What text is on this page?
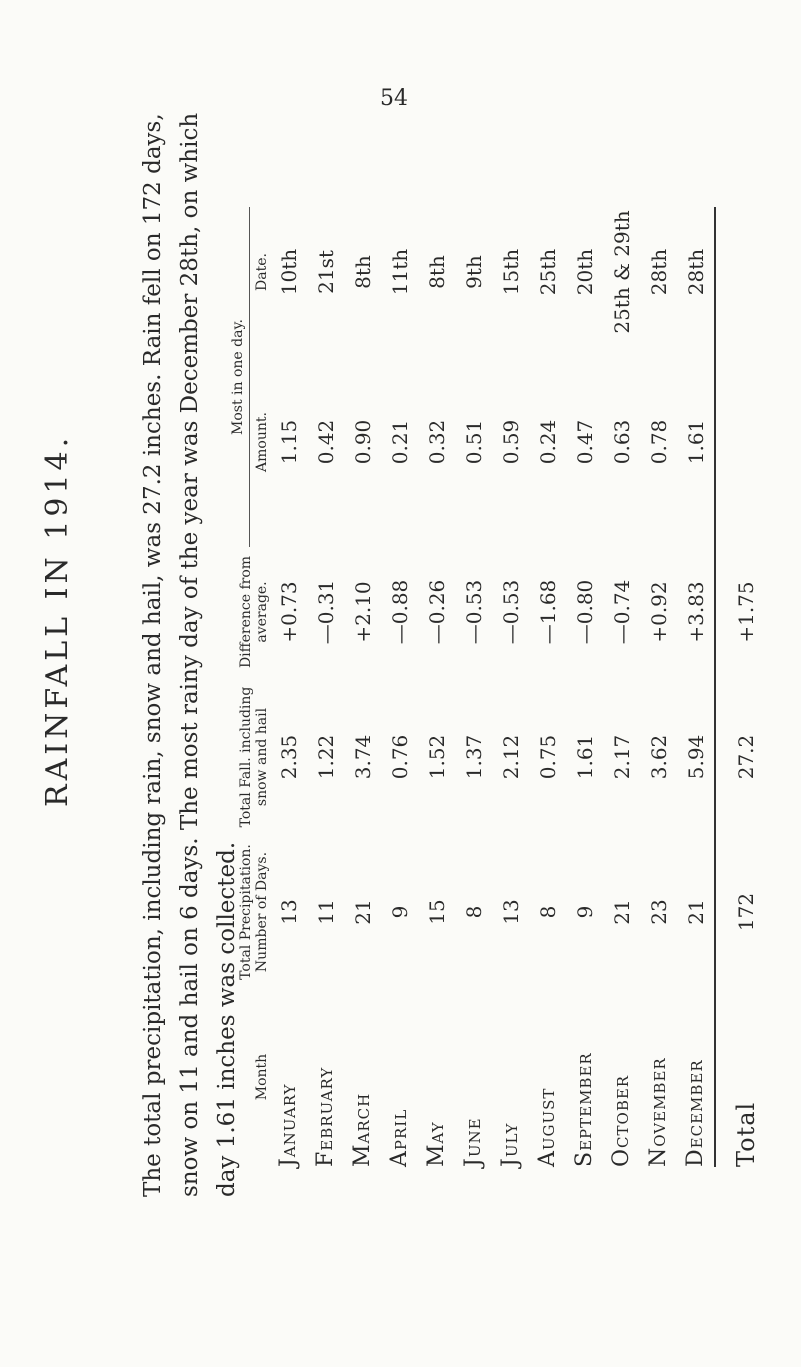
54
RAINFALL IN 1914.	The total precipitation, including rain, snow and hail, was 27.2 inches. Rain fell on 172 days, snow on 11 and hail on 6 days. The most rainy day of the year was December 28th, on which day 1.61 inches was collected.	Month	Total Precipitation. Number of Days.	Total Fall. including snow and hail	Difference from average.	Most in one day.	
				Amount.	Date.
January	13	2.35	+0.73	1.15	10th
February	11	1.22	—0.31	0.42	21st
March	21	3.74	+2.10	0.90	8th
April	9	0.76	—0.88	0.21	11th
May	15	1.52	—0.26	0.32	8th
June	8	1.37	—0.53	0.51	9th
July	13	2.12	—0.53	0.59	15th
August	8	0.75	—1.68	0.24	25th
September	9	1.61	—0.80	0.47	20th
October	21	2.17	—0.74	0.63	25th & 29th
November	23	3.62	+0.92	0.78	28th
December	21	5.94	+3.83	1.61	28th
Total	172	27.2	+1.75		
